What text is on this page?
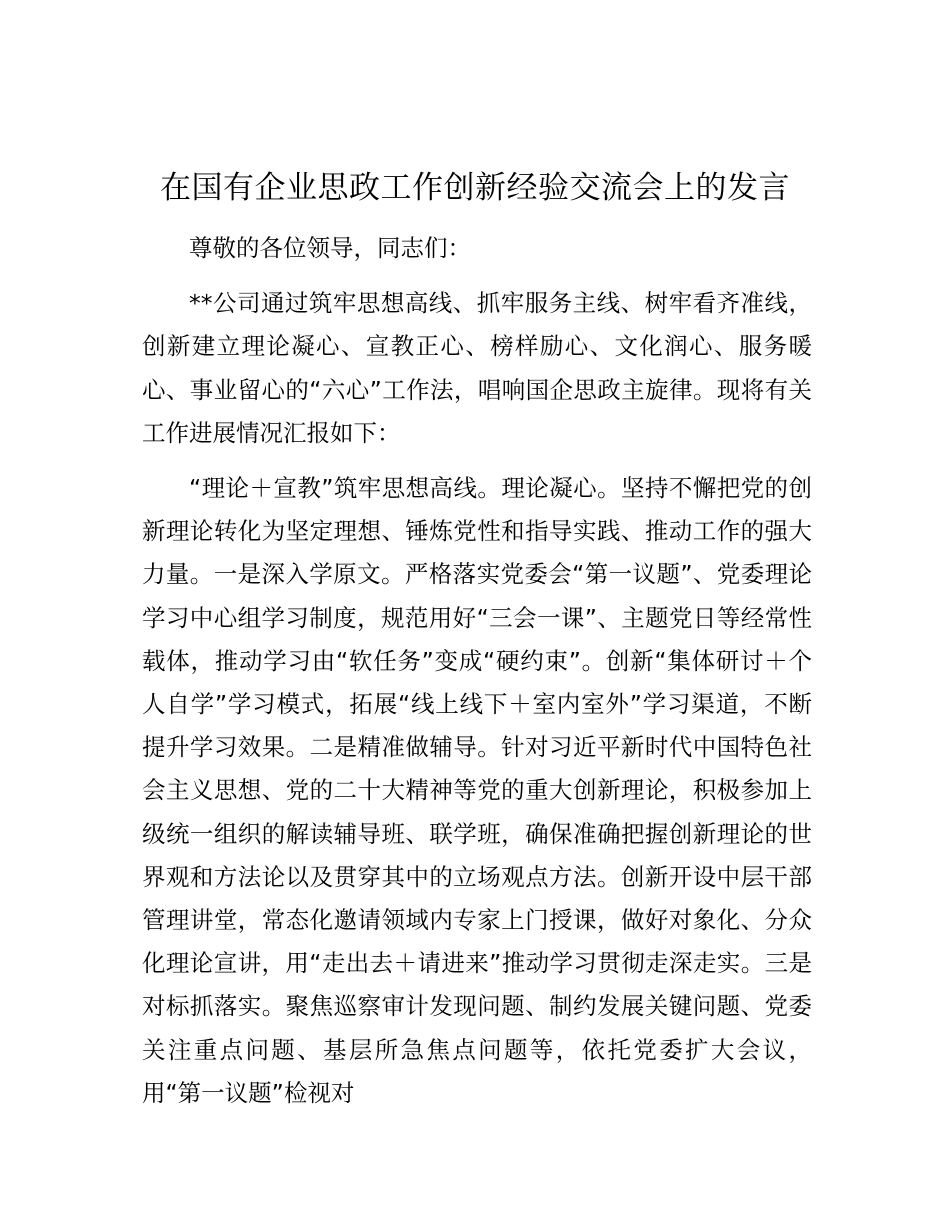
在国有企业思政工作创新经验交流会上的发言

尊敬的各位领导，同志们：

**公司通过筑牢思想高线、抓牢服务主线、树牢看齐准线，创新建立理论凝心、宣教正心、榜样励心、文化润心、服务暖心、事业留心的“六心”工作法，唱响国企思政主旋律。现将有关工作进展情况汇报如下：

“理论＋宣教”筑牢思想高线。理论凝心。坚持不懈把党的创新理论转化为坚定理想、锤炼党性和指导实践、推动工作的强大力量。一是深入学原文。严格落实党委会“第一议题”、党委理论学习中心组学习制度，规范用好“三会一课”、主题党日等经常性载体，推动学习由“软任务”变成“硬约束”。创新“集体研讨＋个人自学”学习模式，拓展“线上线下＋室内室外”学习渠道，不断提升学习效果。二是精准做辅导。针对习近平新时代中国特色社会主义思想、党的二十大精神等党的重大创新理论，积极参加上级统一组织的解读辅导班、联学班，确保准确把握创新理论的世界观和方法论以及贯穿其中的立场观点方法。创新开设中层干部管理讲堂，常态化邀请领域内专家上门授课，做好对象化、分众化理论宣讲，用“走出去＋请进来”推动学习贯彻走深走实。三是对标抓落实。聚焦巡察审计发现问题、制约发展关键问题、党委关注重点问题、基层所急焦点问题等，依托党委扩大会议，用“第一议题”检视对
